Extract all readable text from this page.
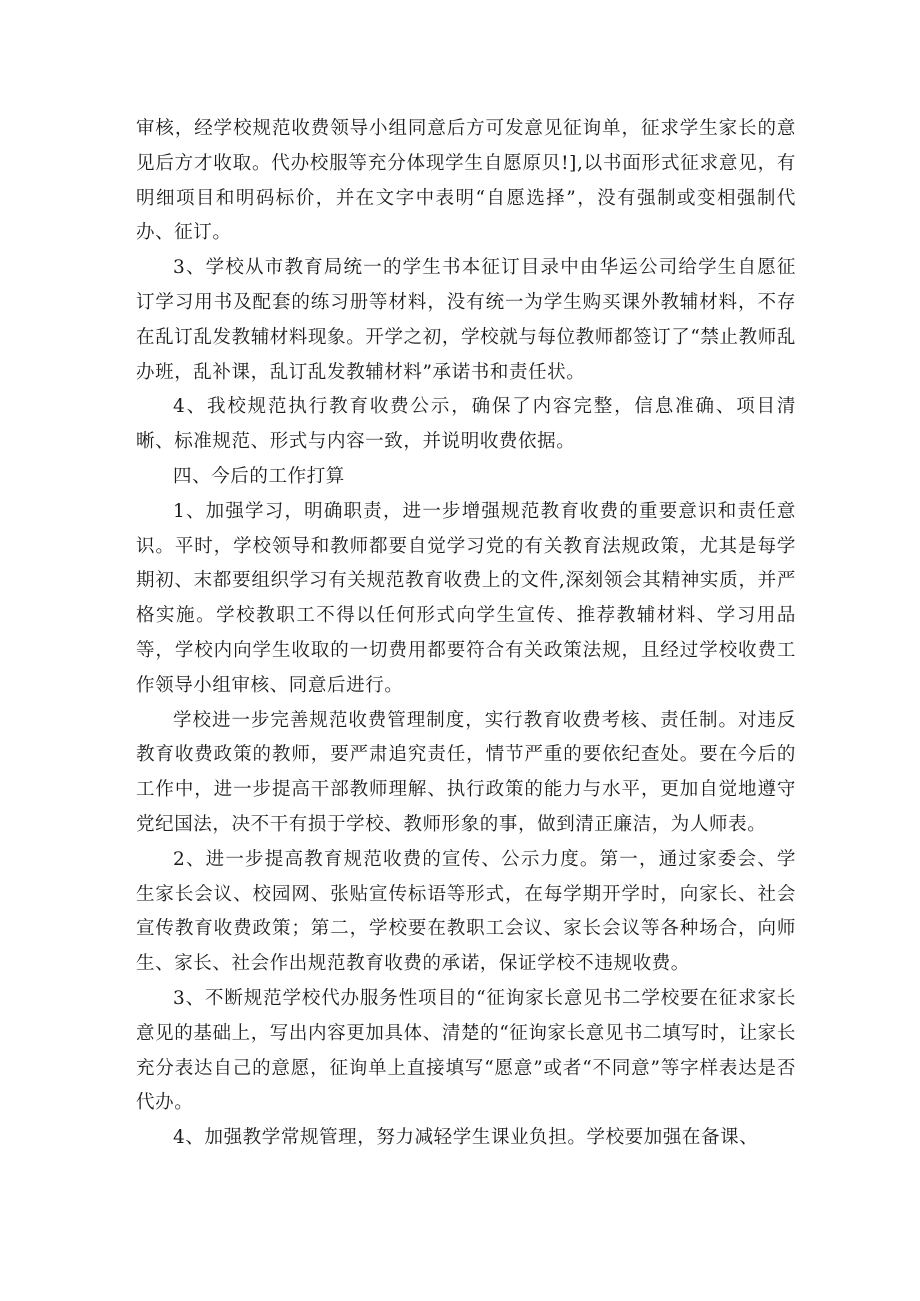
审核，经学校规范收费领导小组同意后方可发意见征询单，征求学生家长的意见后方才收取。代办校服等充分体现学生自愿原贝!],以书面形式征求意见，有明细项目和明码标价，并在文字中表明“自愿选择”，没有强制或变相强制代办、征订。

3、学校从市教育局统一的学生书本征订目录中由华运公司给学生自愿征订学习用书及配套的练习册等材料，没有统一为学生购买课外教辅材料，不存在乱订乱发教辅材料现象。开学之初，学校就与每位教师都签订了“禁止教师乱办班，乱补课，乱订乱发教辅材料”承诺书和责任状。

4、我校规范执行教育收费公示，确保了内容完整，信息准确、项目清晰、标准规范、形式与内容一致，并说明收费依据。

四、今后的工作打算

1、加强学习，明确职责，进一步增强规范教育收费的重要意识和责任意识。平时，学校领导和教师都要自觉学习党的有关教育法规政策，尤其是每学期初、末都要组织学习有关规范教育收费上的文件,深刻领会其精神实质，并严格实施。学校教职工不得以任何形式向学生宣传、推荐教辅材料、学习用品等，学校内向学生收取的一切费用都要符合有关政策法规，且经过学校收费工作领导小组审核、同意后进行。

学校进一步完善规范收费管理制度，实行教育收费考核、责任制。对违反教育收费政策的教师，要严肃追究责任，情节严重的要依纪查处。要在今后的工作中，进一步提高干部教师理解、执行政策的能力与水平，更加自觉地遵守党纪国法，决不干有损于学校、教师形象的事，做到清正廉洁，为人师表。

2、进一步提高教育规范收费的宣传、公示力度。第一，通过家委会、学生家长会议、校园网、张贴宣传标语等形式，在每学期开学时，向家长、社会宣传教育收费政策；第二，学校要在教职工会议、家长会议等各种场合，向师生、家长、社会作出规范教育收费的承诺，保证学校不违规收费。

3、不断规范学校代办服务性项目的“征询家长意见书二学校要在征求家长意见的基础上，写出内容更加具体、清楚的“征询家长意见书二填写时，让家长充分表达自己的意愿，征询单上直接填写“愿意”或者“不同意”等字样表达是否代办。

4、加强教学常规管理，努力减轻学生课业负担。学校要加强在备课、
